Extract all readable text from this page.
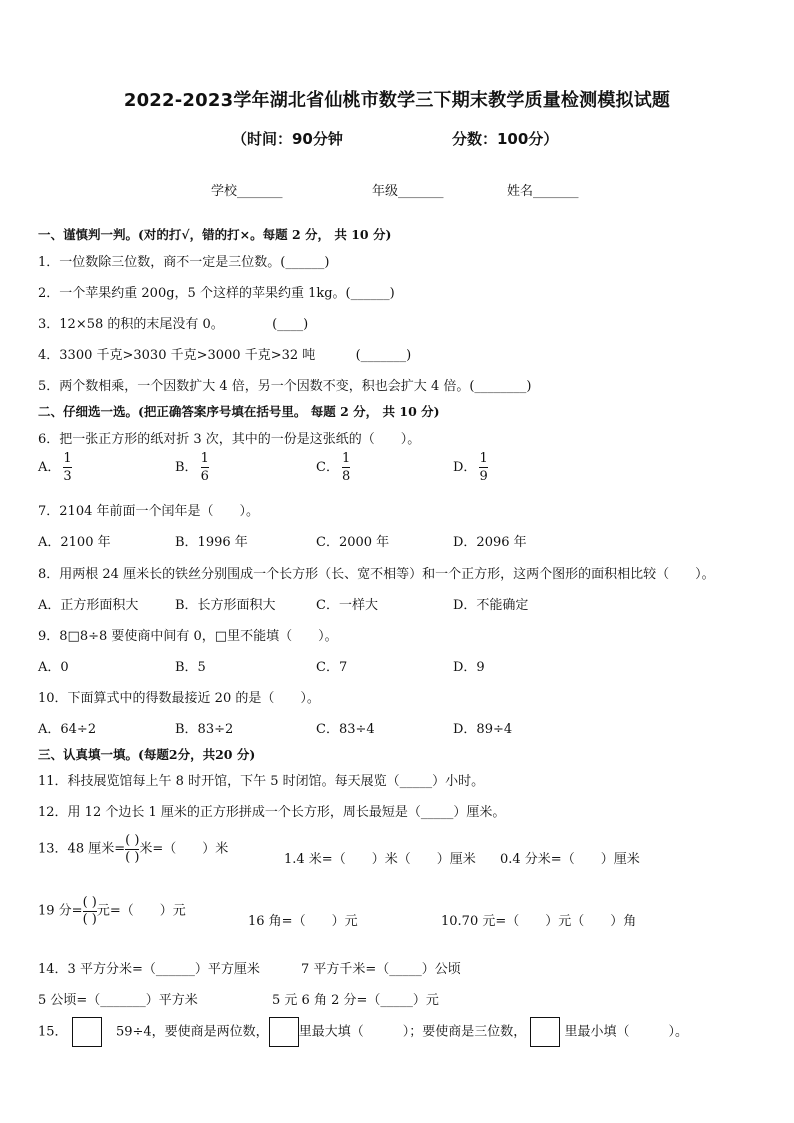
2022-2023学年湖北省仙桃市数学三下期末教学质量检测模拟试题
（时间：90分钟	分数：100分）
学校_______	年级_______	姓名_______
一、谨慎判一判。(对的打√，错的打×。每题 2 分， 共 10 分)
1．一位数除三位数，商不一定是三位数。(______)
2．一个苹果约重 200g，5 个这样的苹果约重 1kg。(______)
3．12×58 的积的末尾没有 0。	(____)
4．3300 千克>3030 千克>3000 千克>32 吨	(_______)
5．两个数相乘，一个因数扩大 4 倍，另一个因数不变，积也会扩大 4 倍。(________)
二、仔细选一选。(把正确答案序号填在括号里。 每题 2 分， 共 10 分)
6．把一张正方形的纸对折 3 次，其中的一份是这张纸的（　　）。
A． $\frac{1}{3}$	B． $\frac{1}{6}$	C． $\frac{1}{8}$	D． $\frac{1}{9}$
7．2104 年前面一个闰年是（　　）。
A．2100 年	B．1996 年	C．2000 年	D．2096 年
8．用两根 24 厘米长的铁丝分别围成一个长方形（长、宽不相等）和一个正方形，这两个图形的面积相比较（　　）。
A．正方形面积大	B．长方形面积大	C．一样大	D．不能确定
9．8□8÷8 要使商中间有 0，□里不能填（　　）。
A．0	B．5	C．7	D．9
10．下面算式中的得数最接近 20 的是（　　）。
A．64÷2	B．83÷2	C．83÷4	D．89÷4
三、认真填一填。(每题2分，共20 分)
11．科技展览馆每上午 8 时开馆，下午 5 时闭馆。每天展览（_____）小时。
12．用 12 个边长 1 厘米的正方形拼成一个长方形，周长最短是（_____）厘米。
13．48 厘米= $\frac{( )}{( )}$ 米=（　　）米
1.4 米=（　　）米（　　）厘米 0.4 分米=（　　）厘米
19 分= $\frac{( )}{( )}$ 元=（　　）元
16 角=（　　）元	10.70 元=（　　）元（　　）角
14．3 平方分米=（______）平方厘米	7 平方千米=（_____）公顷
5 公顷=（_______）平方米	5 元 6 角 2 分=（_____）元
15．	59÷4，要使商是两位数， 里最大填（　　　）；要使商是三位数，	里最小填（　　　）。
